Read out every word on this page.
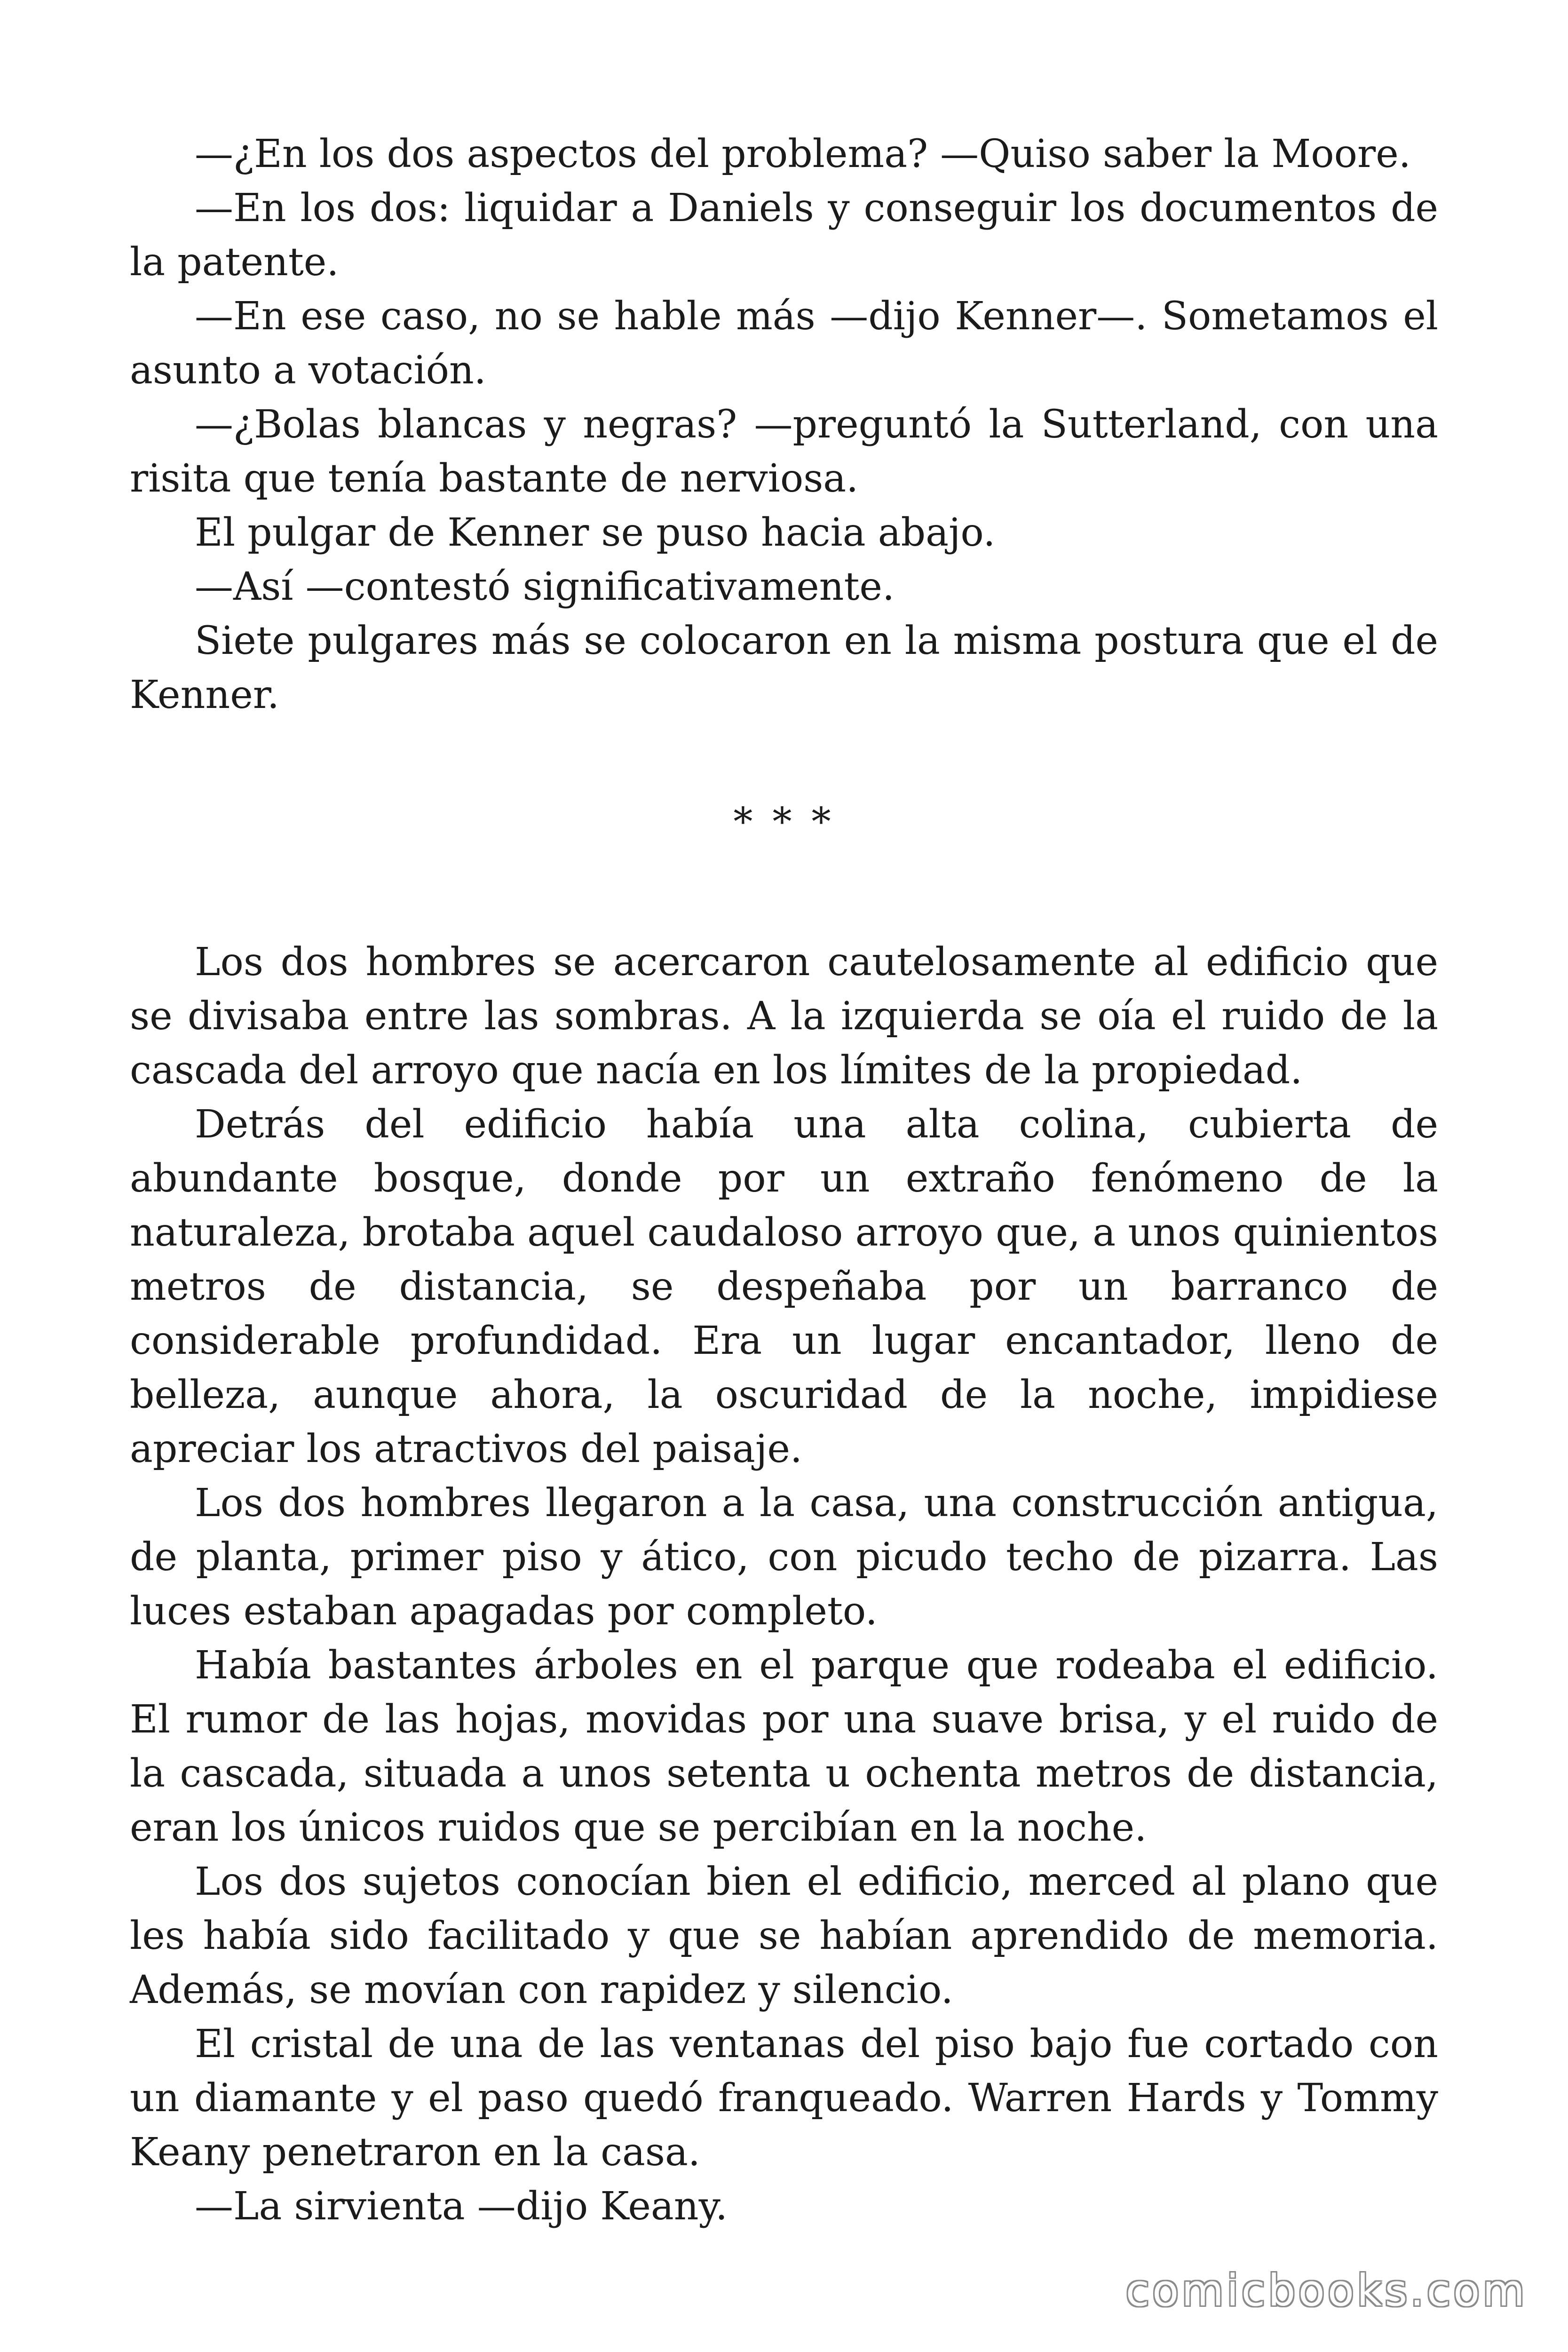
—¿En los dos aspectos del problema? —Quiso saber la Moore.

—En los dos: liquidar a Daniels y conseguir los documentos de la patente.

—En ese caso, no se hable más —dijo Kenner—. Sometamos el asunto a votación.

—¿Bolas blancas y negras? —preguntó la Sutterland, con una risita que tenía bastante de nerviosa.

El pulgar de Kenner se puso hacia abajo.

—Así —contestó significativamente.

Siete pulgares más se colocaron en la misma postura que el de Kenner.

* * *

Los dos hombres se acercaron cautelosamente al edificio que se divisaba entre las sombras. A la izquierda se oía el ruido de la cascada del arroyo que nacía en los límites de la propiedad.

Detrás del edificio había una alta colina, cubierta de abundante bosque, donde por un extraño fenómeno de la naturaleza, brotaba aquel caudaloso arroyo que, a unos quinientos metros de distancia, se despeñaba por un barranco de considerable profundidad. Era un lugar encantador, lleno de belleza, aunque ahora, la oscuridad de la noche, impidiese apreciar los atractivos del paisaje.

Los dos hombres llegaron a la casa, una construcción antigua, de planta, primer piso y ático, con picudo techo de pizarra. Las luces estaban apagadas por completo.

Había bastantes árboles en el parque que rodeaba el edificio. El rumor de las hojas, movidas por una suave brisa, y el ruido de la cascada, situada a unos setenta u ochenta metros de distancia, eran los únicos ruidos que se percibían en la noche.

Los dos sujetos conocían bien el edificio, merced al plano que les había sido facilitado y que se habían aprendido de memoria. Además, se movían con rapidez y silencio.

El cristal de una de las ventanas del piso bajo fue cortado con un diamante y el paso quedó franqueado. Warren Hards y Tommy Keany penetraron en la casa.

—La sirvienta —dijo Keany.

comicbooks.com
